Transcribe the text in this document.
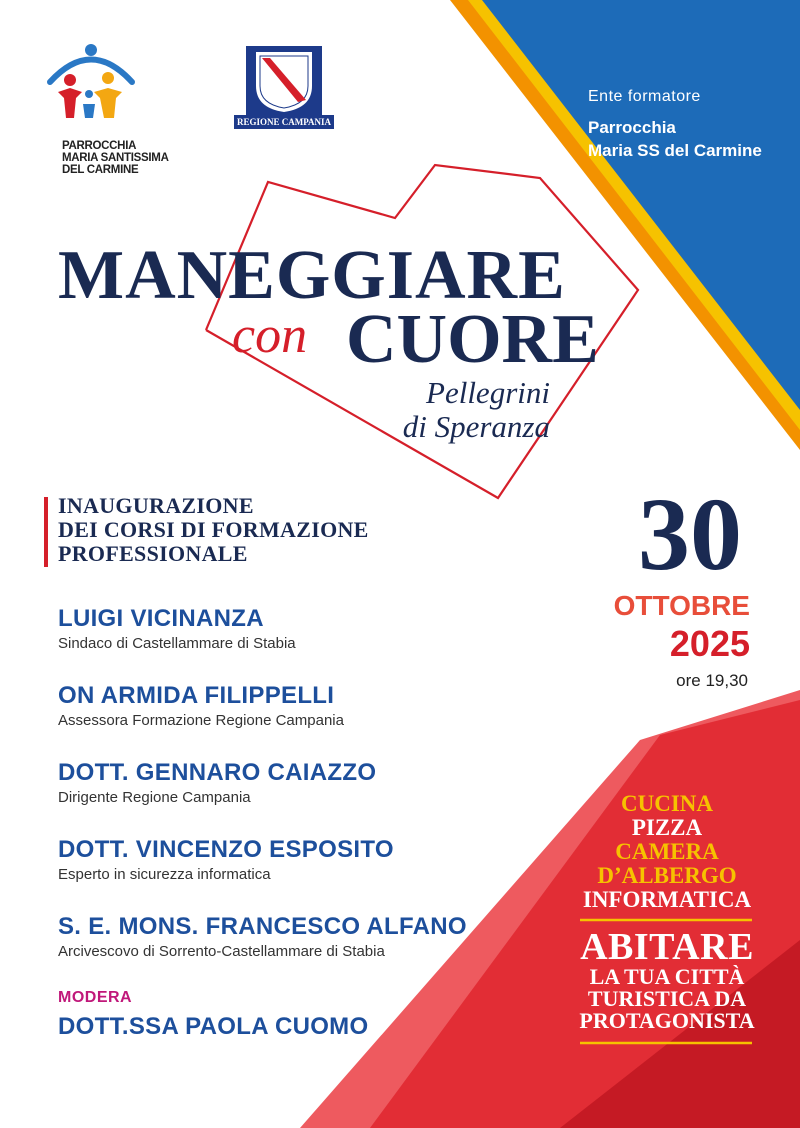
PARROCCHIA
MARIA SANTISSIMA
DEL CARMINE
REGIONE CAMPANIA
Ente formatore
Parrocchia
Maria SS del Carmine
MANEGGIARE
con CUORE
Pellegrini
di Speranza
INAUGURAZIONE
DEI CORSI DI FORMAZIONE
PROFESSIONALE	30
OTTOBRE
2025
ore 19,30
LUIGI VICINANZA
Sindaco di Castellammare di Stabia
ON ARMIDA FILIPPELLI
Assessora Formazione Regione Campania
DOTT. GENNARO CAIAZZO
Dirigente Regione Campania
DOTT. VINCENZO ESPOSITO
Esperto in sicurezza informatica
S. E. MONS. FRANCESCO ALFANO
Arcivescovo di Sorrento-Castellammare di Stabia
MODERA
DOTT.SSA PAOLA CUOMO
CUCINA
PIZZA
CAMERA
D’ALBERGO
INFORMATICA
ABITARE
LA TUA CITTÀ
TURISTICA DA
PROTAGONISTA
